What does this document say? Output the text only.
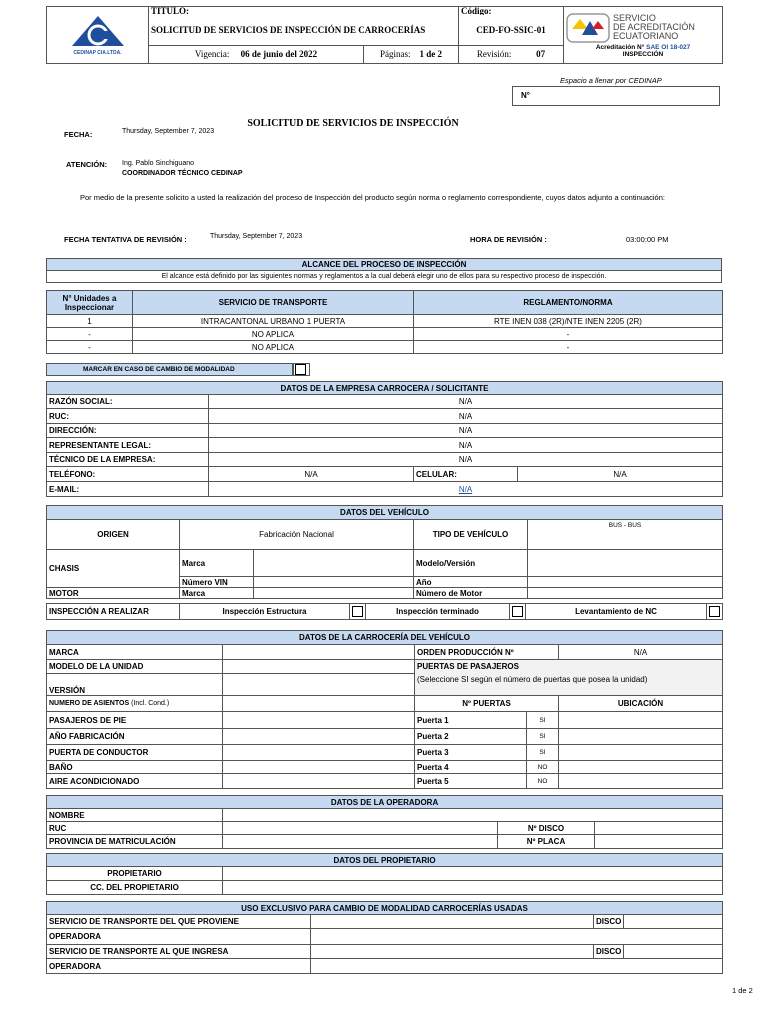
CEDINAP CIA.LTDA.	TITULO:		Código:	SERVICIO
DE ACREDITACIÓN
ECUATORIANO
Acreditación N° SAE OI 18-027
INSPECCIÓN

	SOLICITUD DE SERVICIOS DE INSPECCIÓN DE CARROCERÍAS		CED-FO-SSIC-01	
	Vigencia: 06 de junio del 2022	Páginas: 1 de 2	Revisión: 07	
Espacio a llenar por CEDINAP
N°
SOLICITUD DE SERVICIOS DE INSPECCIÓN
FECHA:	Thursday, September 7, 2023
ATENCIÓN: Ing. Pablo Sinchiguano
COORDINADOR TÉCNICO CEDINAP
Por medio de la presente solicito a usted la realización del proceso de Inspección del producto según norma o reglamento correspondiente, cuyos datos adjunto a continuación:
FECHA TENTATIVA DE REVISIÓN :	Thursday, September 7, 2023	HORA DE REVISIÓN :	03:00:00 PM
ALCANCE DEL PROCESO DE INSPECCIÓN
El alcance está definido por las siguientes normas y reglamentos a la cual deberá elegir uno de ellos para su respectivo proceso de inspección.
N° Unidades a Inspeccionar	SERVICIO DE TRANSPORTE	REGLAMENTO/NORMA
1	INTRACANTONAL URBANO 1 PUERTA	RTE INEN 038 (2R)/NTE INEN 2205 (2R)
-	NO APLICA	-
-	NO APLICA	-
MARCAR EN CASO DE CAMBIO DE MODALIDAD
DATOS DE LA EMPRESA CARROCERA / SOLICITANTE			
RAZÓN SOCIAL:	N/A		
RUC:	N/A		
DIRECCIÓN:	N/A		
REPRESENTANTE LEGAL:	N/A		
TÉCNICO DE LA EMPRESA:	N/A		
TELÉFONO:	N/A	CELULAR:	N/A
E-MAIL:	N/A		
DATOS DEL VEHÍCULO				
ORIGEN	Fabricación Nacional		TIPO DE VEHÍCULO	BUS - BUS
CHASIS	Marca		Modelo/Versión	
	Número VIN		Año	
MOTOR	Marca		Número de Motor	
INSPECCIÓN A REALIZAR	Inspección Estructura		Inspección terminado		Levantamiento de NC	
DATOS DE LA CARROCERÍA DEL VEHÍCULO				
MARCA		ORDEN PRODUCCIÓN Nº		N/A
MODELO DE LA UNIDAD		PUERTAS DE PASAJEROS
(Seleccione SI según el número de puertas que posea la unidad)		

VERSIÓN				
NUMERO DE ASIENTOS (Incl. Cond.)		Nº PUERTAS		UBICACIÓN
PASAJEROS DE PIE		Puerta 1	SI	
AÑO FABRICACIÓN		Puerta 2	SI	
PUERTA DE CONDUCTOR		Puerta 3	SI	
BAÑO		Puerta 4	NO	
AIRE ACONDICIONADO		Puerta 5	NO	
DATOS DE LA OPERADORA			
NOMBRE			
RUC		Nº DISCO	
PROVINCIA DE MATRICULACIÓN		Nº PLACA	
DATOS DEL PROPIETARIO	
PROPIETARIO	
CC. DEL PROPIETARIO	
USO EXCLUSIVO PARA CAMBIO DE MODALIDAD CARROCERÍAS USADAS			
SERVICIO DE TRANSPORTE DEL QUE PROVIENE		DISCO	
OPERADORA			
SERVICIO DE TRANSPORTE AL QUE INGRESA		DISCO	
OPERADORA			
1 de 2
